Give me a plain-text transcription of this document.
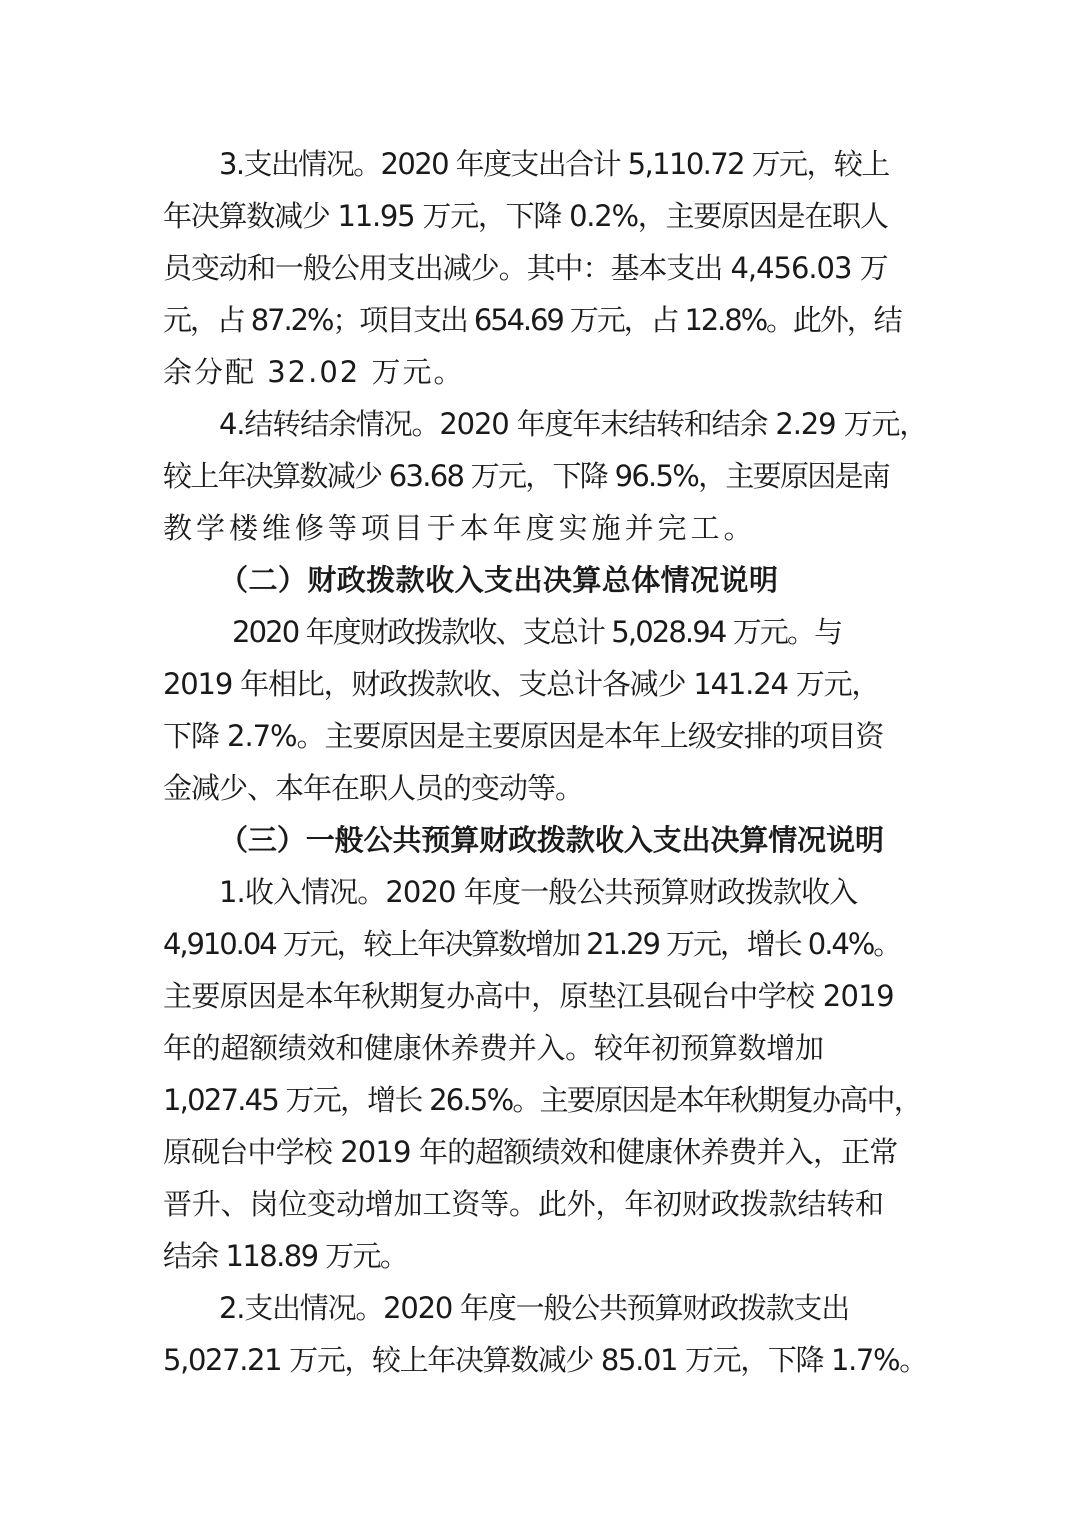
3.支出情况。2020 年度支出合计 5,110.72 万元，较上
年决算数减少 11.95 万元，下降 0.2%，主要原因是在职人
员变动和一般公用支出减少。其中：基本支出 4,456.03 万
元，占 87.2%；项目支出 654.69 万元，占 12.8%。此外，结
余分配 32.02 万元。
4.结转结余情况。2020 年度年末结转和结余 2.29 万元，
较上年决算数减少 63.68 万元，下降 96.5%，主要原因是南
教学楼维修等项目于本年度实施并完工。
（二）财政拨款收入支出决算总体情况说明
2020 年度财政拨款收、支总计 5,028.94 万元。与
2019 年相比，财政拨款收、支总计各减少 141.24 万元，
下降 2.7%。主要原因是主要原因是本年上级安排的项目资
金减少、本年在职人员的变动等。
（三）一般公共预算财政拨款收入支出决算情况说明
1.收入情况。2020 年度一般公共预算财政拨款收入
4,910.04 万元，较上年决算数增加 21.29 万元，增长 0.4%。
主要原因是本年秋期复办高中，原垫江县砚台中学校 2019
年的超额绩效和健康休养费并入。较年初预算数增加
1,027.45 万元，增长 26.5%。主要原因是本年秋期复办高中，
原砚台中学校 2019 年的超额绩效和健康休养费并入，正常
晋升、岗位变动增加工资等。此外，年初财政拨款结转和
结余 118.89 万元。
2.支出情况。2020 年度一般公共预算财政拨款支出
5,027.21 万元，较上年决算数减少 85.01 万元，下降 1.7%。
